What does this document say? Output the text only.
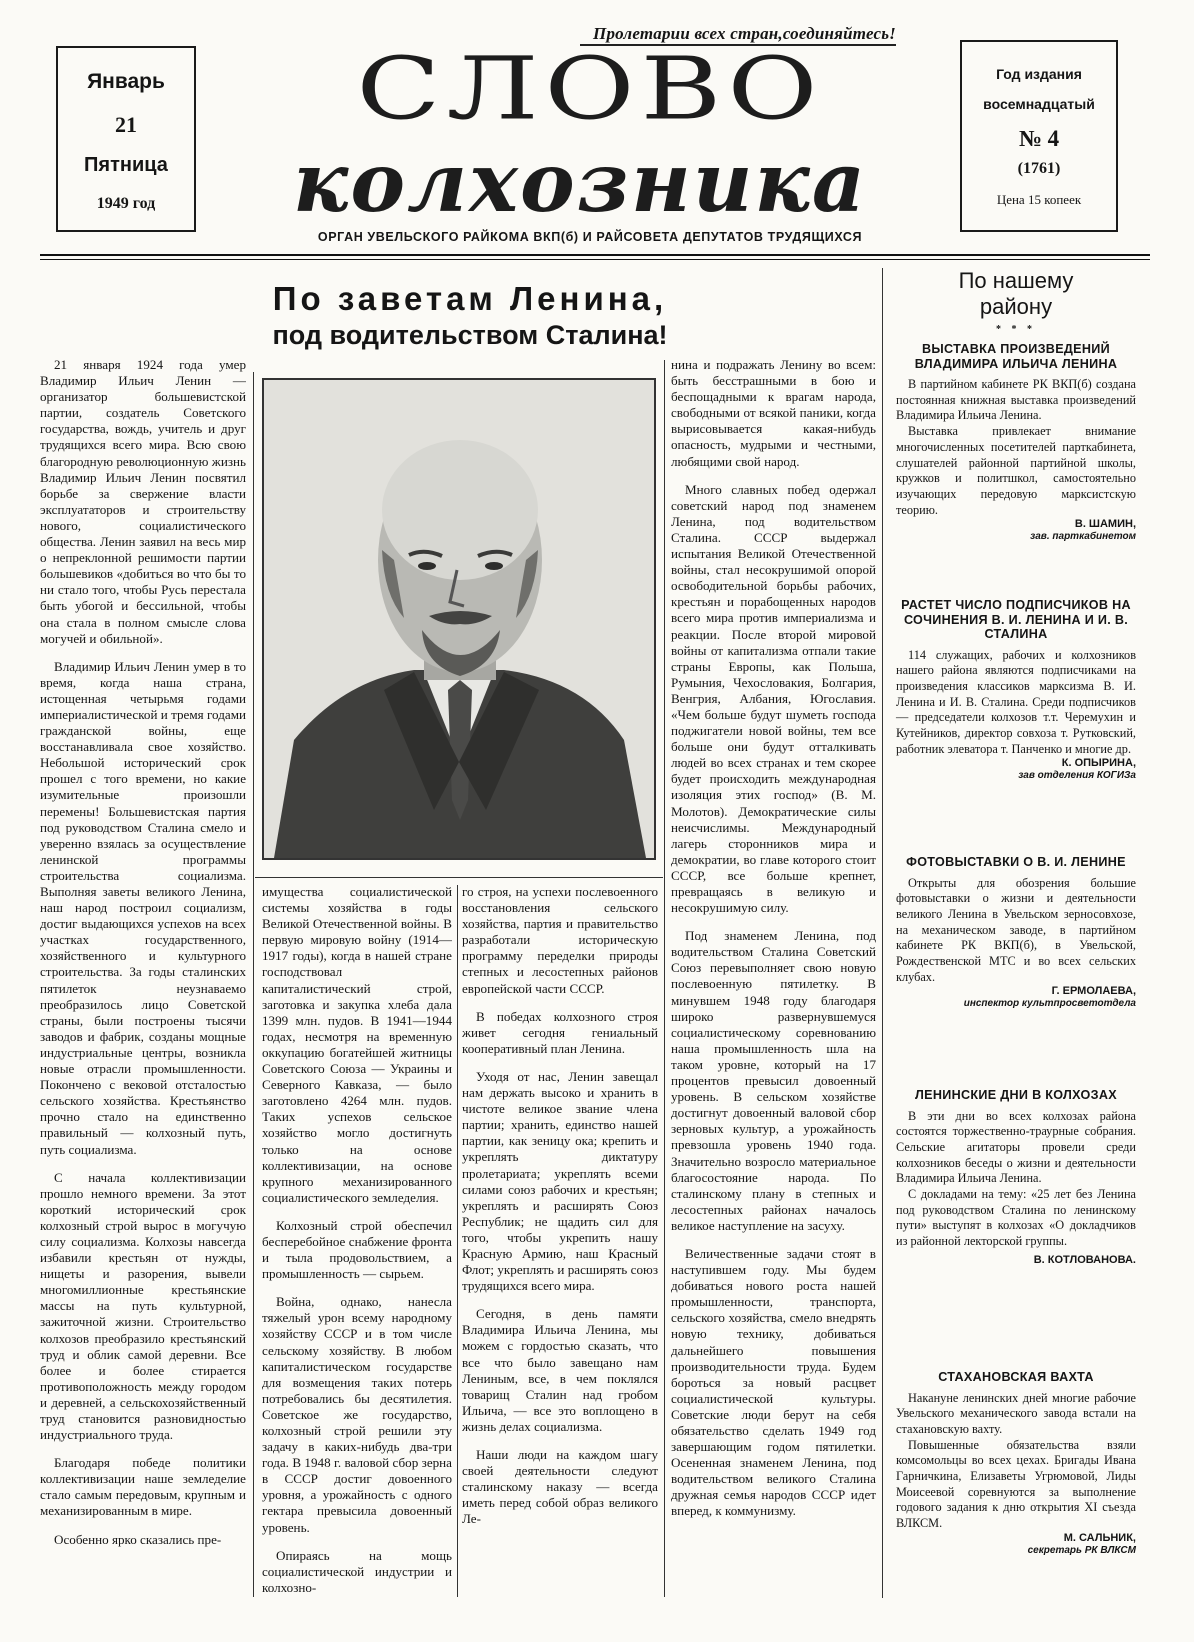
Пролетарии всех стран,соединяйтесь!
Январь
21
Пятница
1949 год
СЛОВО
колхозника
ОРГАН УВЕЛЬСКОГО РАЙКОМА ВКП(б) И РАЙСОВЕТА ДЕПУТАТОВ ТРУДЯЩИХСЯ
Год издания
восемнадцатый
№ 4
(1761)
Цена 15 копеек
По заветам Ленина,
под водительством Сталина!

21 января 1924 года умер Владимир Ильич Ленин — организатор большевистской партии, создатель Советского государства, вождь, учитель и друг трудящихся всего мира. Всю свою благородную революционную жизнь Владимир Ильич Ленин посвятил борьбе за свержение власти эксплуататоров и строительству нового, социалистического общества. Ленин заявил на весь мир о непреклонной решимости партии большевиков «добиться во что бы то ни стало того, чтобы Русь перестала быть убогой и бессильной, чтобы она стала в полном смысле слова могучей и обильной».

Владимир Ильич Ленин умер в то время, когда наша страна, истощенная четырьмя годами империалистической и тремя годами гражданской войны, еще восстанавливала свое хозяйство. Небольшой исторический срок прошел с того времени, но какие изумительные произошли перемены! Большевистская партия под руководством Сталина смело и уверенно взялась за осуществление ленинской программы строительства социализма. Выполняя заветы великого Ленина, наш народ построил социализм, достиг выдающихся успехов на всех участках государственного, хозяйственного и культурного строительства. За годы сталинских пятилеток неузнаваемо преобразилось лицо Советской страны, были построены тысячи заводов и фабрик, созданы мощные индустриальные центры, возникла новые отрасли промышленности. Покончено с вековой отсталостью сельского хозяйства. Крестьянство прочно стало на единственно правильный — колхозный путь, путь социализма.

С начала коллективизации прошло немного времени. За этот короткий исторический срок колхозный строй вырос в могучую силу социализма. Колхозы навсегда избавили крестьян от нужды, нищеты и разорения, вывели многомиллионные крестьянские массы на путь культурной, зажиточной жизни. Строительство колхозов преобразило крестьянский труд и облик самой деревни. Все более и более стирается противоположность между городом и деревней, а сельскохозяйственный труд становится разновидностью индустриального труда.

Благодаря победе политики коллективизации наше земледелие стало самым передовым, крупным и механизированным в мире.

Особенно ярко сказались пре-

имущества социалистической системы хозяйства в годы Великой Отечественной войны. В первую мировую войну (1914—1917 годы), когда в нашей стране господствовал капиталистический строй, заготовка и закупка хлеба дала 1399 млн. пудов. В 1941—1944 годах, несмотря на временную оккупацию богатейшей житницы Советского Союза — Украины и Северного Кавказа, — было заготовлено 4264 млн. пудов. Таких успехов сельское хозяйство могло достигнуть только на основе коллективизации, на основе крупного механизированного социалистического земледелия.

Колхозный строй обеспечил бесперебойное снабжение фронта и тыла продовольствием, а промышленность — сырьем.

Война, однако, нанесла тяжелый урон всему народному хозяйству СССР и в том числе сельскому хозяйству. В любом капиталистическом государстве для возмещения таких потерь потребовались бы десятилетия. Советское же государство, колхозный строй решили эту задачу в каких-нибудь два-три года. В 1948 г. валовой сбор зерна в СССР достиг довоенного уровня, а урожайность с одного гектара превысила довоенный уровень.

Опираясь на мощь социалистической индустрии и колхозно-

го строя, на успехи послевоенного восстановления сельского хозяйства, партия и правительство разработали историческую программу переделки природы степных и лесостепных районов европейской части СССР.

В победах колхозного строя живет сегодня гениальный кооперативный план Ленина.

Уходя от нас, Ленин завещал нам держать высоко и хранить в чистоте великое звание члена партии; хранить, единство нашей партии, как зеницу ока; крепить и укреплять диктатуру пролетариата; укреплять всеми силами союз рабочих и крестьян; укреплять и расширять Союз Республик; не щадить сил для того, чтобы укрепить нашу Красную Армию, наш Красный Флот; укреплять и расширять союз трудящихся всего мира.

Сегодня, в день памяти Владимира Ильича Ленина, мы можем с гордостью сказать, что все что было завещано нам Лениным, все, в чем поклялся товарищ Сталин над гробом Ильича, — все это воплощено в жизнь делах социализма.

Наши люди на каждом шагу своей деятельности следуют сталинскому наказу — всегда иметь перед собой образ великого Ле-

нина и подражать Ленину во всем: быть бесстрашными в бою и беспощадными к врагам народа, свободными от всякой паники, когда вырисовывается какая-нибудь опасность, мудрыми и честными, любящими свой народ.

Много славных побед одержал советский народ под знаменем Ленина, под водительством Сталина. СССР выдержал испытания Великой Отечественной войны, стал несокрушимой опорой освободительной борьбы рабочих, крестьян и порабощенных народов всего мира против империализма и реакции. После второй мировой войны от капитализма отпали такие страны Европы, как Польша, Румыния, Чехословакия, Болгария, Венгрия, Албания, Югославия. «Чем больше будут шуметь господа поджигатели новой войны, тем все больше они будут отталкивать людей во всех странах и тем скорее будет происходить международная изоляция этих господ» (В. М. Молотов). Демократические силы неисчислимы. Международный лагерь сторонников мира и демократии, во главе которого стоит СССР, все больше крепнет, превращаясь в великую и несокрушимую силу.

Под знаменем Ленина, под водительством Сталина Советский Союз перевыполняет свою новую послевоенную пятилетку. В минувшем 1948 году благодаря широко развернувшемуся социалистическому соревнованию наша промышленность шла на таком уровне, который на 17 процентов превысил довоенный уровень. В сельском хозяйстве достигнут довоенный валовой сбор зерновых культур, а урожайность превзошла уровень 1940 года. Значительно возросло материальное благосостояние народа. По сталинскому плану в степных и лесостепных районах началось великое наступление на засуху.

Величественные задачи стоят в наступившем году. Мы будем добиваться нового роста нашей промышленности, транспорта, сельского хозяйства, смело внедрять новую технику, добиваться дальнейшего повышения производительности труда. Будем бороться за новый расцвет социалистической культуры. Советские люди берут на себя обязательство сделать 1949 год завершающим годом пятилетки. Осененная знаменем Ленина, под водительством великого Сталина дружная семья народов СССР идет вперед, к коммунизму.

По нашему
району
* * *
ВЫСТАВКА ПРОИЗВЕДЕНИЙ ВЛАДИМИРА ИЛЬИЧА ЛЕНИНА

В партийном кабинете РК ВКП(б) создана постоянная книжная выставка произведений Владимира Ильича Ленина.

Выставка привлекает внимание многочисленных посетителей парткабинета, слушателей районной партийной школы, кружков и политшкол, самостоятельно изучающих передовую марксистскую теорию.

В. ШАМИН,
зав. парткабинетом
РАСТЕТ ЧИСЛО ПОДПИСЧИКОВ НА СОЧИНЕНИЯ В. И. ЛЕНИНА И И. В. СТАЛИНА

114 служащих, рабочих и колхозников нашего района являются подписчиками на произведения классиков марксизма В. И. Ленина и И. В. Сталина. Среди подписчиков — председатели колхозов т.т. Черемухин и Кутейников, директор совхоза т. Рутковский, работник элеватора т. Панченко и многие др.

К. ОПЫРИНА,
зав отделения КОГИЗа
ФОТОВЫСТАВКИ О В. И. ЛЕНИНЕ

Открыты для обозрения большие фотовыставки о жизни и деятельности великого Ленина в Увельском зерносовхозе, на механическом заводе, в партийном кабинете РК ВКП(б), в Увельской, Рождественской МТС и во всех сельских клубах.

Г. ЕРМОЛАЕВА,
инспектор культпросветотдела
ЛЕНИНСКИЕ ДНИ В КОЛХОЗАХ

В эти дни во всех колхозах района состоятся торжественно-траурные собрания. Сельские агитаторы провели среди колхозников беседы о жизни и деятельности Владимира Ильича Ленина.

С докладами на тему: «25 лет без Ленина под руководством Сталина по ленинскому пути» выступят в колхозах «О докладчиков из районной лекторской группы.

В. КОТЛОВАНОВА.
СТАХАНОВСКАЯ ВАХТА

Накануне ленинских дней многие рабочие Увельского механического завода встали на стахановскую вахту.

Повышенные обязательства взяли комсомольцы во всех цехах. Бригады Ивана Гарничкина, Елизаветы Угрюмовой, Лиды Моисеевой соревнуются за выполнение годового задания к дню открытия XI съезда ВЛКСМ.

М. САЛЬНИК,
секретарь РК ВЛКСМ
